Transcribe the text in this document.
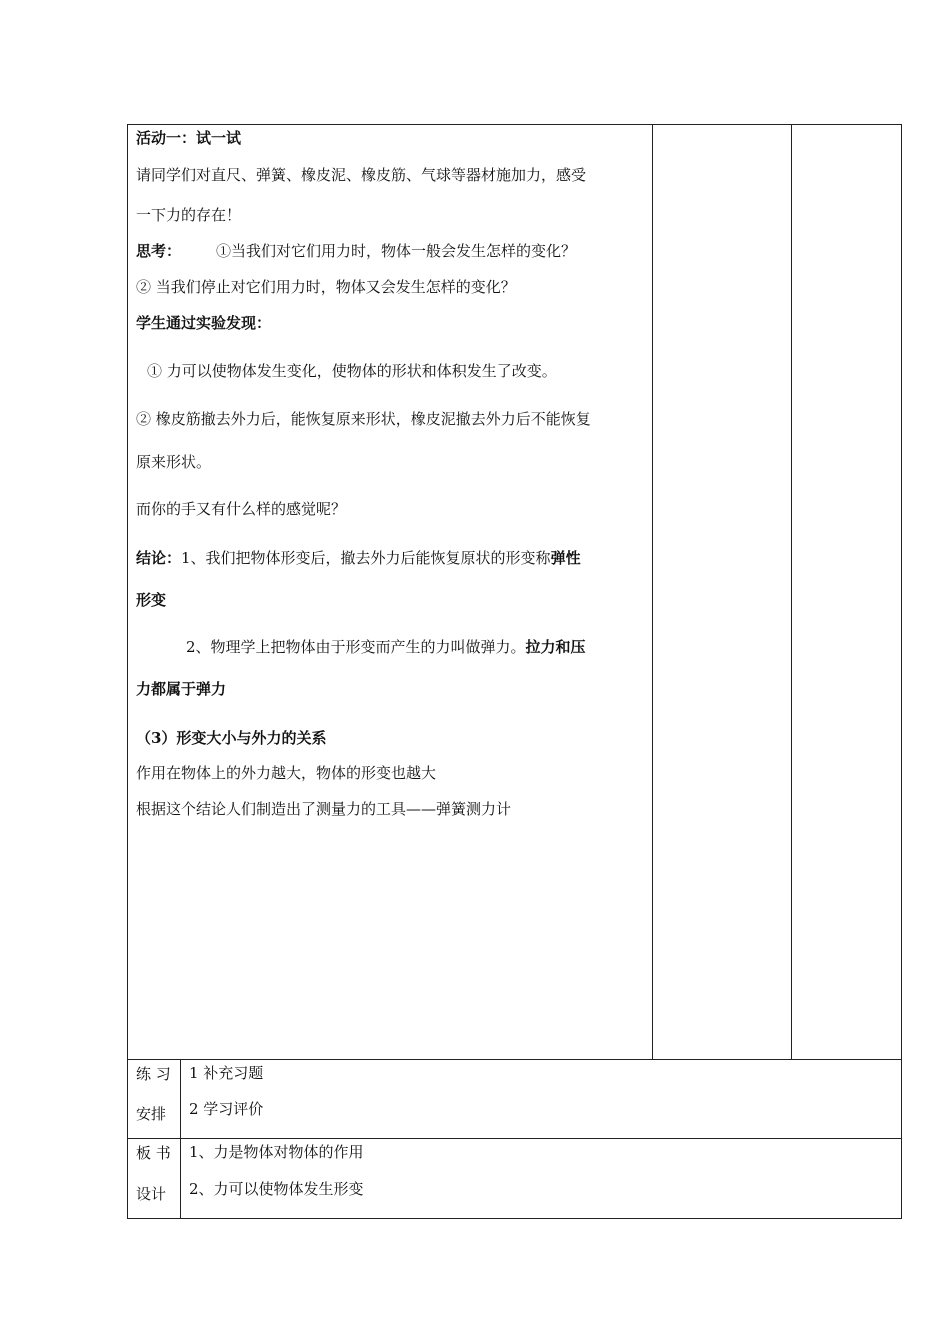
活动一：试一试
请同学们对直尺、弹簧、橡皮泥、橡皮筋、气球等器材施加力，感受
一下力的存在！
思考： ①当我们对它们用力时，物体一般会发生怎样的变化？
② 当我们停止对它们用力时，物体又会发生怎样的变化？
学生通过实验发现：
① 力可以使物体发生变化，使物体的形状和体积发生了改变。
② 橡皮筋撤去外力后，能恢复原来形状，橡皮泥撤去外力后不能恢复
原来形状。
而你的手又有什么样的感觉呢？
结论：1、我们把物体形变后，撤去外力后能恢复原状的形变称弹性
形变
2、物理学上把物体由于形变而产生的力叫做弹力。拉力和压
力都属于弹力
（3）形变大小与外力的关系
作用在物体上的外力越大，物体的形变也越大
根据这个结论人们制造出了测量力的工具——弹簧测力计
练 习
安排
1 补充习题
2 学习评价
板 书
设计
1、力是物体对物体的作用
2、力可以使物体发生形变
